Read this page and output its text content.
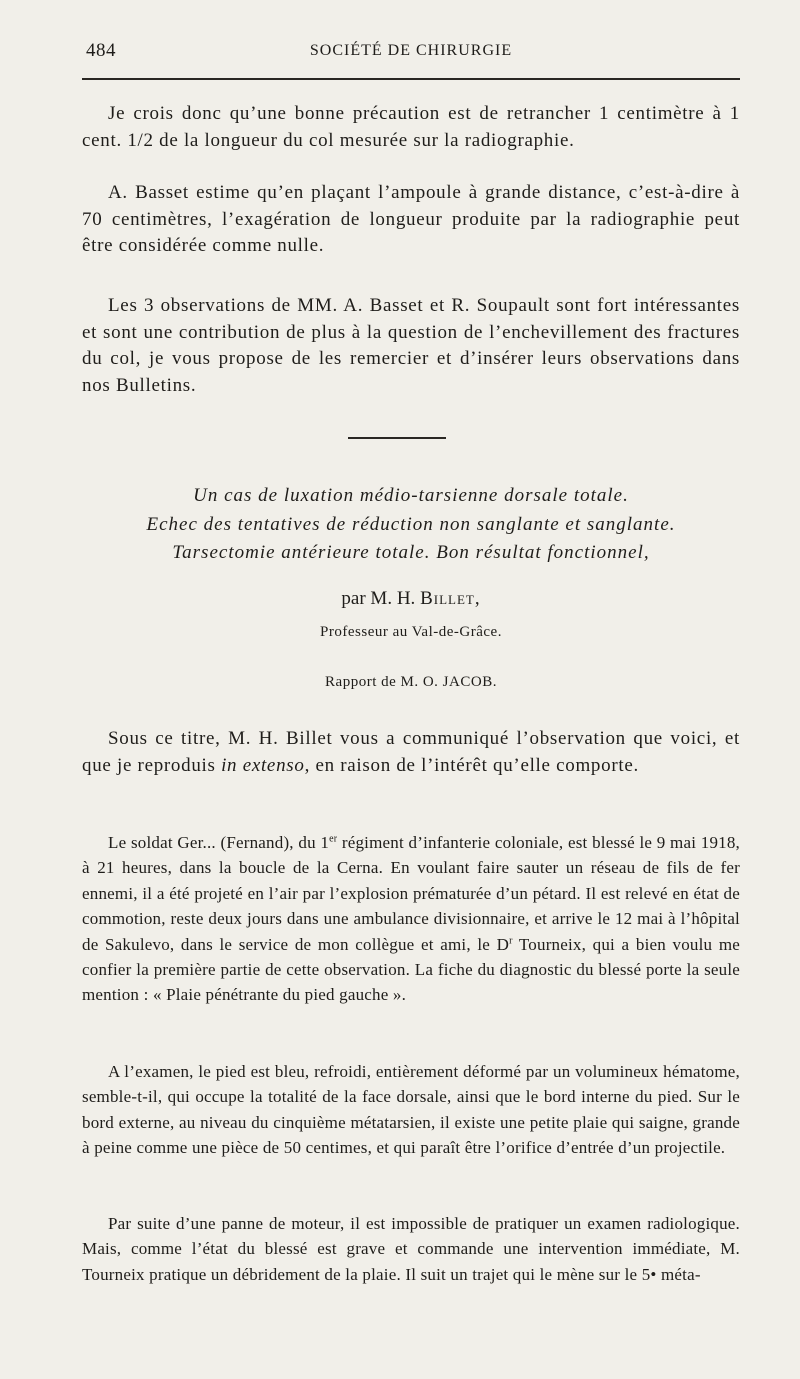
484	SOCIÉTÉ DE CHIRURGIE

Je crois donc qu’une bonne précaution est de retrancher 1 centimètre à 1 cent. 1/2 de la longueur du col mesurée sur la radiographie.

A. Basset estime qu’en plaçant l’ampoule à grande distance, c’est-à-dire à 70 centimètres, l’exagération de longueur produite par la radiographie peut être considérée comme nulle.

Les 3 observations de MM. A. Basset et R. Soupault sont fort intéressantes et sont une contribution de plus à la question de l’enchevillement des fractures du col, je vous propose de les remercier et d’insérer leurs observations dans nos Bulletins.

Un cas de luxation médio-tarsienne dorsale totale.
Echec des tentatives de réduction non sanglante et sanglante.
Tarsectomie antérieure totale. Bon résultat fonctionnel,
par M. H. Billet,
Professeur au Val-de-Grâce.
Rapport de M. O. JACOB.

Sous ce titre, M. H. Billet vous a communiqué l’observation que voici, et que je reproduis in extenso, en raison de l’intérêt qu’elle comporte.

Le soldat Ger... (Fernand), du 1er régiment d’infanterie coloniale, est blessé le 9 mai 1918, à 21 heures, dans la boucle de la Cerna. En voulant faire sauter un réseau de fils de fer ennemi, il a été projeté en l’air par l’explosion prématurée d’un pétard. Il est relevé en état de commotion, reste deux jours dans une ambulance divisionnaire, et arrive le 12 mai à l’hôpital de Sakulevo, dans le service de mon collègue et ami, le $D^r$ Tourneix, qui a bien voulu me confier la première partie de cette observation. La fiche du diagnostic du blessé porte la seule mention : « Plaie pénétrante du pied gauche ».

A l’examen, le pied est bleu, refroidi, entièrement déformé par un volumineux hématome, semble-t-il, qui occupe la totalité de la face dorsale, ainsi que le bord interne du pied. Sur le bord externe, au niveau du cinquième métatarsien, il existe une petite plaie qui saigne, grande à peine comme une pièce de 50 centimes, et qui paraît être l’orifice d’entrée d’un projectile.

Par suite d’une panne de moteur, il est impossible de pratiquer un examen radiologique. Mais, comme l’état du blessé est grave et commande une intervention immédiate, M. Tourneix pratique un débridement de la plaie. Il suit un trajet qui le mène sur le 5• méta-
